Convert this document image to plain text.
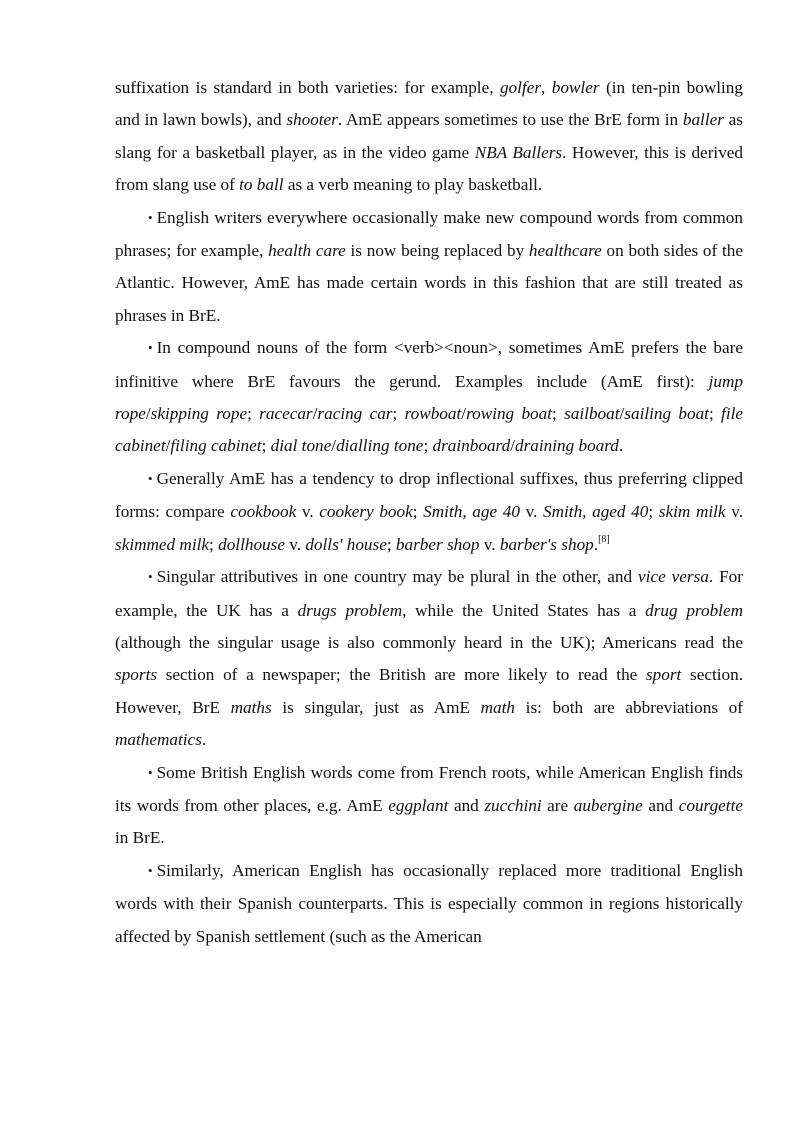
suffixation is standard in both varieties: for example, golfer, bowler (in ten-pin bowling and in lawn bowls), and shooter. AmE appears sometimes to use the BrE form in baller as slang for a basketball player, as in the video game NBA Ballers. However, this is derived from slang use of to ball as a verb meaning to play basketball.

• English writers everywhere occasionally make new compound words from common phrases; for example, health care is now being replaced by healthcare on both sides of the Atlantic. However, AmE has made certain words in this fashion that are still treated as phrases in BrE.

• In compound nouns of the form <verb><noun>, sometimes AmE prefers the bare infinitive where BrE favours the gerund. Examples include (AmE first): jump rope/skipping rope; racecar/racing car; rowboat/rowing boat; sailboat/sailing boat; file cabinet/filing cabinet; dial tone/dialling tone; drainboard/draining board.

• Generally AmE has a tendency to drop inflectional suffixes, thus preferring clipped forms: compare cookbook v. cookery book; Smith, age 40 v. Smith, aged 40; skim milk v. skimmed milk; dollhouse v. dolls' house; barber shop v. barber's shop.[8]

• Singular attributives in one country may be plural in the other, and vice versa. For example, the UK has a drugs problem, while the United States has a drug problem (although the singular usage is also commonly heard in the UK); Americans read the sports section of a newspaper; the British are more likely to read the sport section. However, BrE maths is singular, just as AmE math is: both are abbreviations of mathematics.

• Some British English words come from French roots, while American English finds its words from other places, e.g. AmE eggplant and zucchini are aubergine and courgette in BrE.

• Similarly, American English has occasionally replaced more traditional English words with their Spanish counterparts. This is especially common in regions historically affected by Spanish settlement (such as the American
